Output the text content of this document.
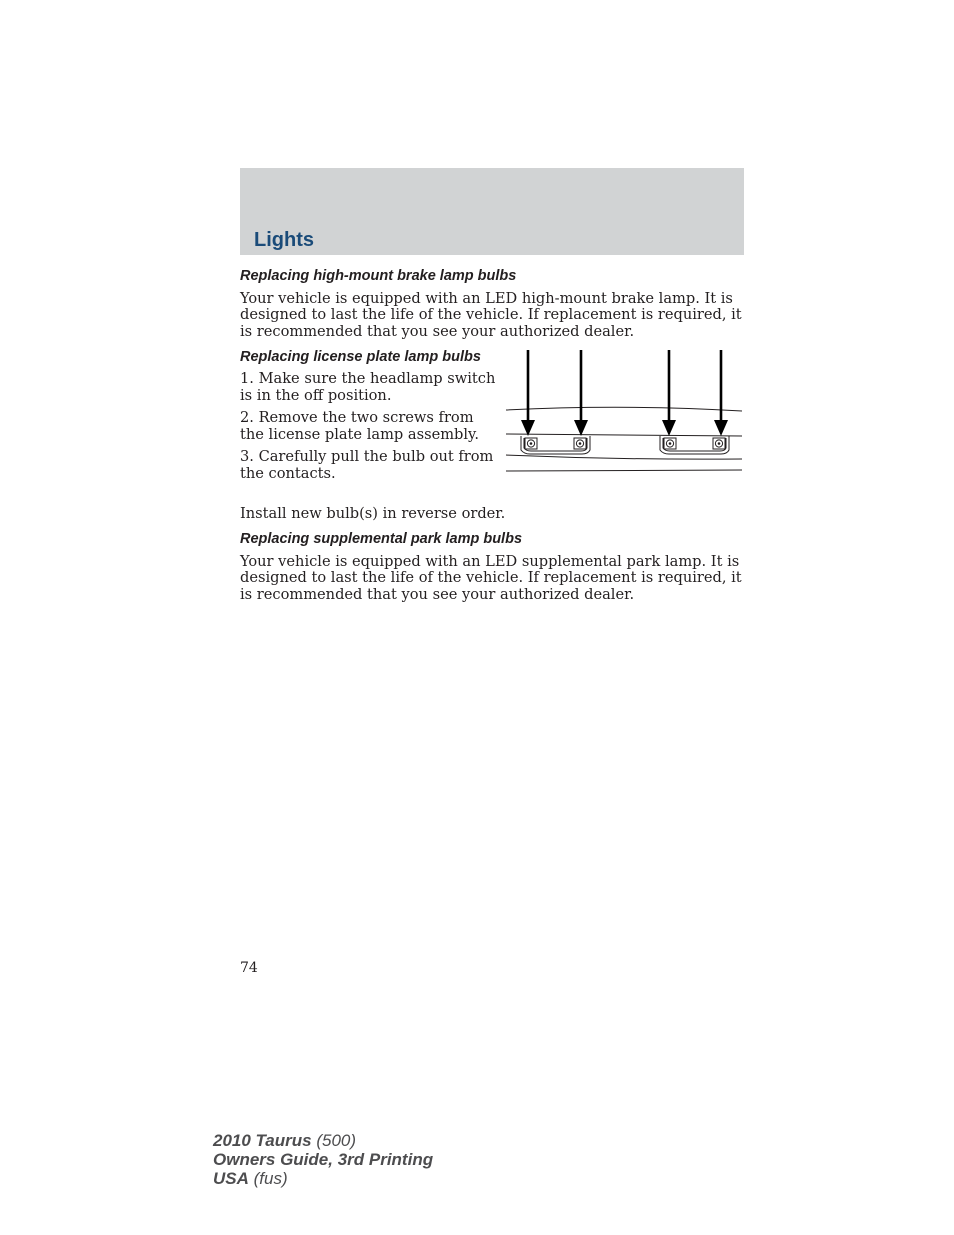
Lights
Replacing high-mount brake lamp bulbs

Your vehicle is equipped with an LED high-mount brake lamp. It is designed to last the life of the vehicle. If replacement is required, it is recommended that you see your authorized dealer.

Replacing license plate lamp bulbs

1. Make sure the headlamp switch is in the off position.

2. Remove the two screws from the license plate lamp assembly.

3. Carefully pull the bulb out from the contacts.

Install new bulb(s) in reverse order.

Replacing supplemental park lamp bulbs

Your vehicle is equipped with an LED supplemental park lamp. It is designed to last the life of the vehicle. If replacement is required, it is recommended that you see your authorized dealer.

74

2010 Taurus (500)
Owners Guide, 3rd Printing
USA (fus)
